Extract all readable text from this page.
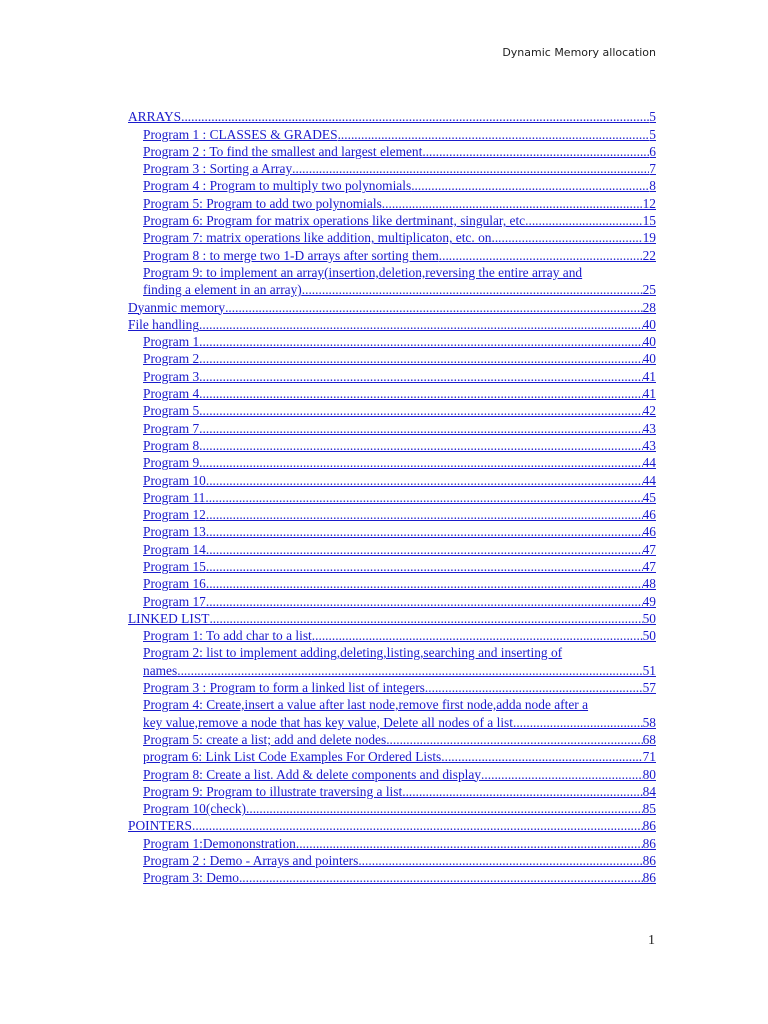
Dynamic Memory allocation
ARRAYS .....	5
Program 1 : CLASSES & GRADES .....	5
Program 2 : To find the smallest and largest element .....	6
Program 3 : Sorting a Array .....	7
Program 4 : Program to multiply two polynomials .....	8
Program 5: Program to add two polynomials .....	12
Program 6: Program for matrix operations like dertminant, singular, etc .....	15
Program 7: matrix operations like addition, multiplicaton, etc. on .....	19
Program 8 : to merge two 1-D arrays after sorting them .....	22
Program 9: to implement an array(insertion,deletion,reversing the entire array and
finding a element in an array) .....	25
Dyanmic memory .....	28
File handling .....	40
Program 1 .....	40
Program 2 .....	40
Program 3 .....	41
Program 4 .....	41
Program 5 .....	42
Program 7 .....	43
Program 8 .....	43
Program 9 .....	44
Program 10 .....	44
Program 11 .....	45
Program 12 .....	46
Program 13 .....	46
Program 14 .....	47
Program 15 .....	47
Program 16 .....	48
Program 17 .....	49
LINKED LIST .....	50
Program 1: To add char to a list .....	50
Program 2: list to implement adding,deleting,listing,searching and inserting of
names .....	51
Program 3 : Program to form a linked list of integers .....	57
Program 4: Create,insert a value after last node,remove first node,adda node after a
key value,remove a node that has key value, Delete all nodes of a list .....	58
Program 5: create a list; add and delete nodes .....	68
program 6: Link List Code Examples For Ordered Lists .....	71
Program 8: Create a list. Add & delete components and display .....	80
Program 9: Program to illustrate traversing a list .....	84
Program 10(check) .....	85
POINTERS .....	86
Program 1:Demononstration .....	86
Program 2 : Demo - Arrays and pointers .....	86
Program 3: Demo .....	86
1
